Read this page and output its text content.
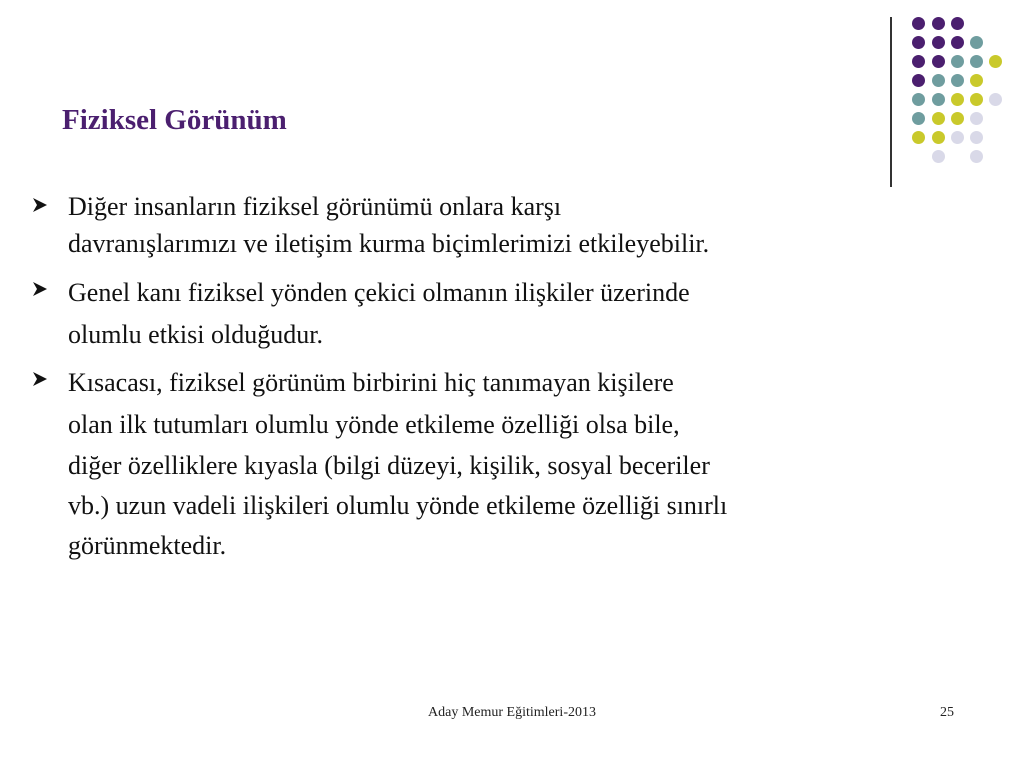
Fiziksel Görünüm
Diğer insanların fiziksel görünümü onlara karşı
davranışlarımızı ve iletişim kurma biçimlerimizi etkileyebilir.
Genel kanı fiziksel yönden çekici olmanın ilişkiler üzerinde
olumlu etkisi olduğudur.
Kısacası, fiziksel görünüm birbirini hiç tanımayan kişilere
olan ilk tutumları olumlu yönde etkileme özelliği olsa bile,
diğer özelliklere kıyasla (bilgi düzeyi, kişilik, sosyal beceriler
vb.) uzun vadeli ilişkileri olumlu yönde etkileme özelliği sınırlı
görünmektedir.
Aday Memur Eğitimleri-2013	25
